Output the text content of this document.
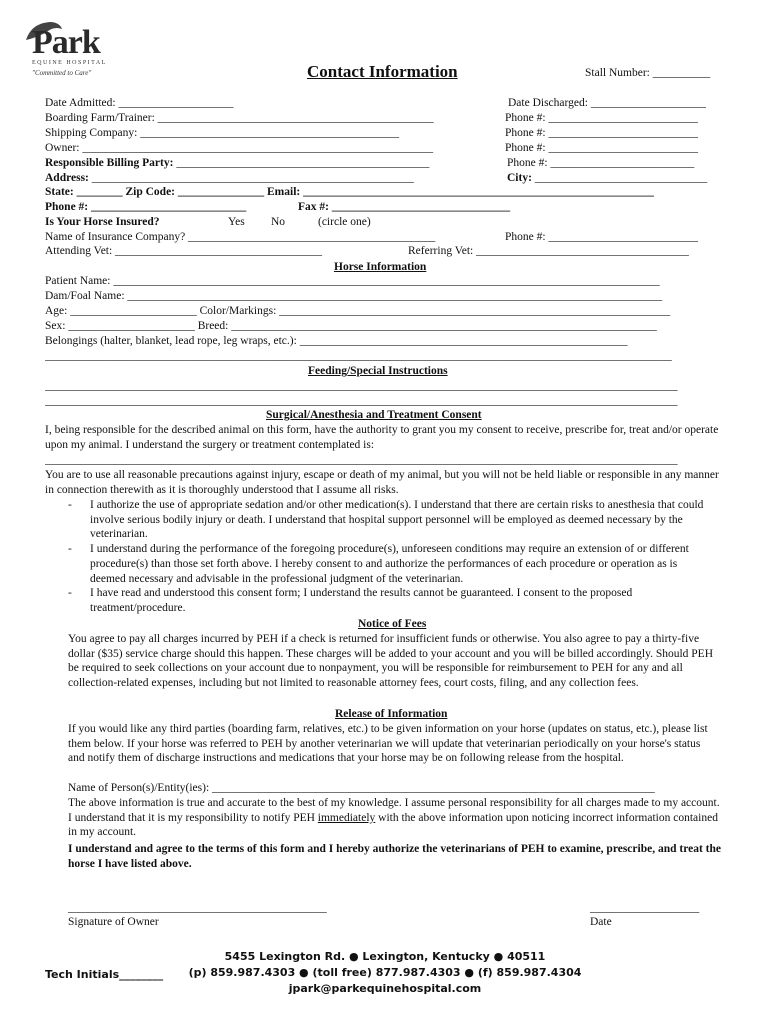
Park
EQUINE HOSPITAL
"Committed to Care"	Contact Information	Stall Number: __________
Date Admitted: ____________________	Date Discharged: ____________________
Boarding Farm/Trainer: ________________________________________________	Phone #: __________________________
Shipping Company: _____________________________________________	Phone #: __________________________
Owner: _____________________________________________________________	Phone #: __________________________
Responsible Billing Party: ____________________________________________	Phone #: _________________________
Address: ________________________________________________________	City: ______________________________
State: ________ Zip Code: _______________ Email: _____________________________________________________________
Phone #: ___________________________                  Fax #: _______________________________
Is Your Horse Insured?	Yes No	(circle one)
Name of Insurance Company? ___________________________________________	Phone #: __________________________
Attending Vet: ____________________________________	Referring Vet: _____________________________________
Horse Information
Patient Name: _______________________________________________________________________________________________
Dam/Foal Name: _____________________________________________________________________________________________
Age: ______________________ Color/Markings: ____________________________________________________________________
Sex: ______________________ Breed: __________________________________________________________________________
Belongings (halter, blanket, lead rope, leg wraps, etc.): _________________________________________________________
_____________________________________________________________________________________________________________
Feeding/Special Instructions
______________________________________________________________________________________________________________
______________________________________________________________________________________________________________
Surgical/Anesthesia and Treatment Consent
I, being responsible for the described animal on this form, have the authority to grant you my consent to receive, prescribe for, treat and/or operate upon my animal. I understand the surgery or treatment contemplated is:
______________________________________________________________________________________________________________
You are to use all reasonable precautions against injury, escape or death of my animal, but you will not be held liable or responsible in any manner in connection therewith as it is thoroughly understood that I assume all risks.
- I authorize the use of appropriate sedation and/or other medication(s). I understand that there are certain risks to anesthesia that could involve serious bodily injury or death. I understand that hospital support personnel will be employed as deemed necessary by the veterinarian.
- I understand during the performance of the foregoing procedure(s), unforeseen conditions may require an extension of or different procedure(s) than those set forth above. I hereby consent to and authorize the performances of each procedure or operation as is deemed necessary and advisable in the professional judgment of the veterinarian.
- I have read and understood this consent form; I understand the results cannot be guaranteed. I consent to the proposed treatment/procedure.
Notice of Fees
You agree to pay all charges incurred by PEH if a check is returned for insufficient funds or otherwise. You also agree to pay a thirty-five dollar ($35) service charge should this happen. These charges will be added to your account and you will be billed accordingly. Should PEH be required to seek collections on your account due to nonpayment, you will be responsible for reimbursement to PEH for any and all collection-related expenses, including but not limited to reasonable attorney fees, court costs, filing, and any collection fees.
Release of Information
If you would like any third parties (boarding farm, relatives, etc.) to be given information on your horse (updates on status, etc.), please list them below. If your horse was referred to PEH by another veterinarian we will update that veterinarian periodically on your horse's status and notify them of discharge instructions and medications that your horse may be on following release from the hospital.
Name of Person(s)/Entity(ies): _____________________________________________________________________________
The above information is true and accurate to the best of my knowledge. I assume personal responsibility for all charges made to my account. I understand that it is my responsibility to notify PEH immediately with the above information upon noticing incorrect information contained in my account.
I understand and agree to the terms of this form and I hereby authorize the veterinarians of PEH to examine, prescribe, and treat the horse I have listed above.
_____________________________________________
Signature of Owner
___________________
Date
Tech Initials________
5455 Lexington Rd. ● Lexington, Kentucky ● 40511
(p) 859.987.4303 ● (toll free) 877.987.4303 ● (f) 859.987.4304
jpark@parkequinehospital.com
